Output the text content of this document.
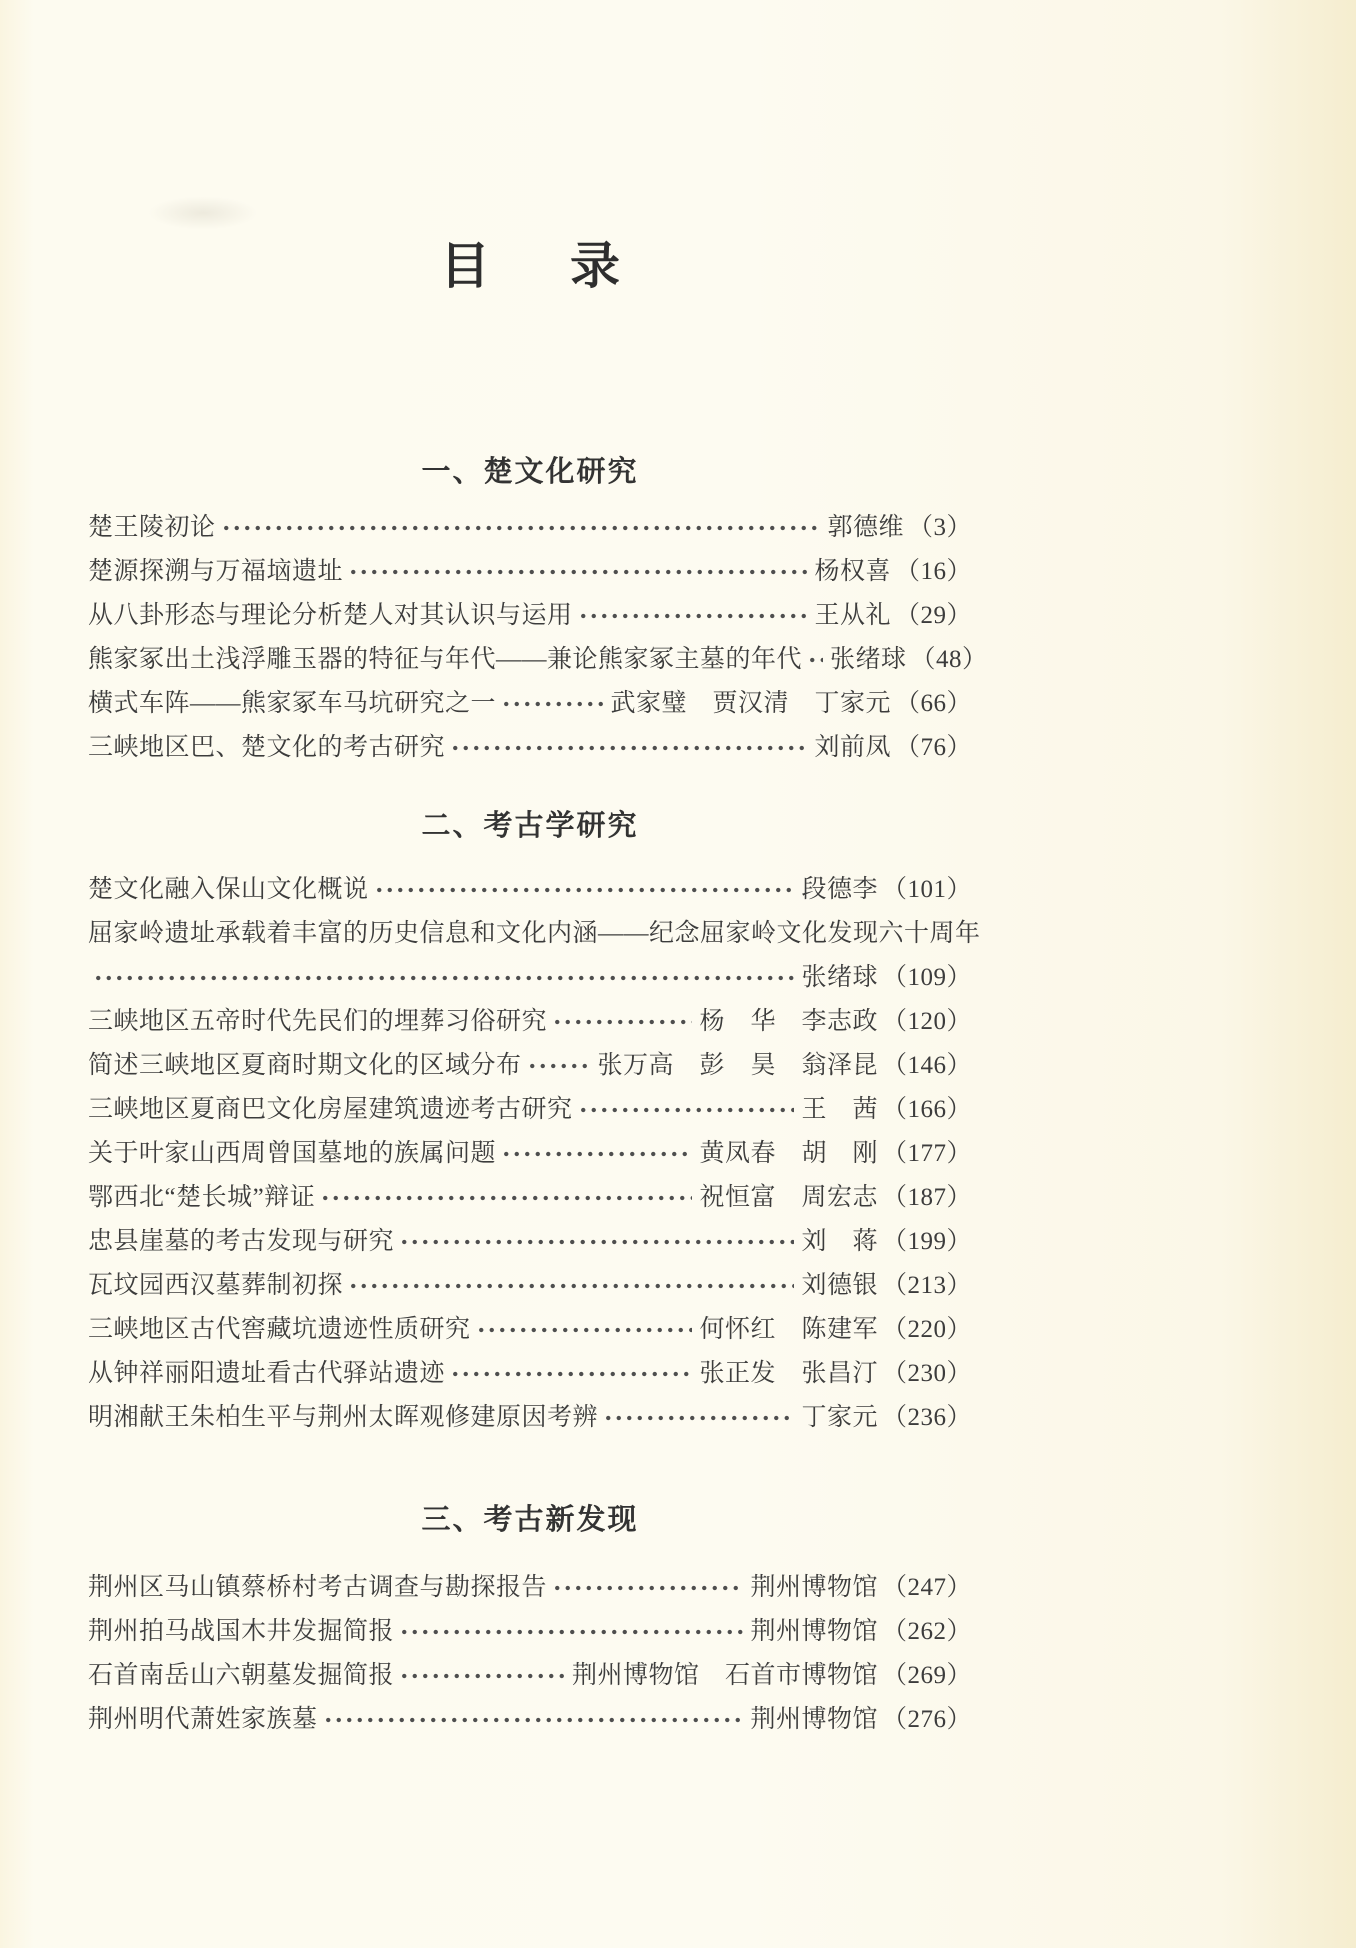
目　录
一、楚文化研究
楚王陵初论	郭德维 （3）
楚源探溯与万福垴遗址	杨权喜 （16）
从八卦形态与理论分析楚人对其认识与运用	王从礼 （29）
熊家冢出土浅浮雕玉器的特征与年代——兼论熊家冢主墓的年代 张绪球 （48）
横式车阵——熊家冢车马坑研究之一	武家璧　贾汉清　丁家元 （66）
三峡地区巴、楚文化的考古研究	刘前凤 （76）
二、考古学研究
楚文化融入保山文化概说	段德李 （101）
屈家岭遗址承载着丰富的历史信息和文化内涵——纪念屈家岭文化发现六十周年
张绪球 （109）
三峡地区五帝时代先民们的埋葬习俗研究	杨　华　李志政 （120）
简述三峡地区夏商时期文化的区域分布	张万高　彭　昊　翁泽昆 （146）
三峡地区夏商巴文化房屋建筑遗迹考古研究	王　茜 （166）
关于叶家山西周曾国墓地的族属问题	黄凤春　胡　刚 （177）
鄂西北“楚长城”辩证	祝恒富　周宏志 （187）
忠县崖墓的考古发现与研究	刘　蒋 （199）
瓦坟园西汉墓葬制初探	刘德银 （213）
三峡地区古代窖藏坑遗迹性质研究	何怀红　陈建军 （220）
从钟祥丽阳遗址看古代驿站遗迹	张正发　张昌汀 （230）
明湘献王朱柏生平与荆州太晖观修建原因考辨	丁家元 （236）
三、考古新发现
荆州区马山镇蔡桥村考古调查与勘探报告	荆州博物馆 （247）
荆州拍马战国木井发掘简报	荆州博物馆 （262）
石首南岳山六朝墓发掘简报	荆州博物馆　石首市博物馆 （269）
荆州明代萧姓家族墓	荆州博物馆 （276）
